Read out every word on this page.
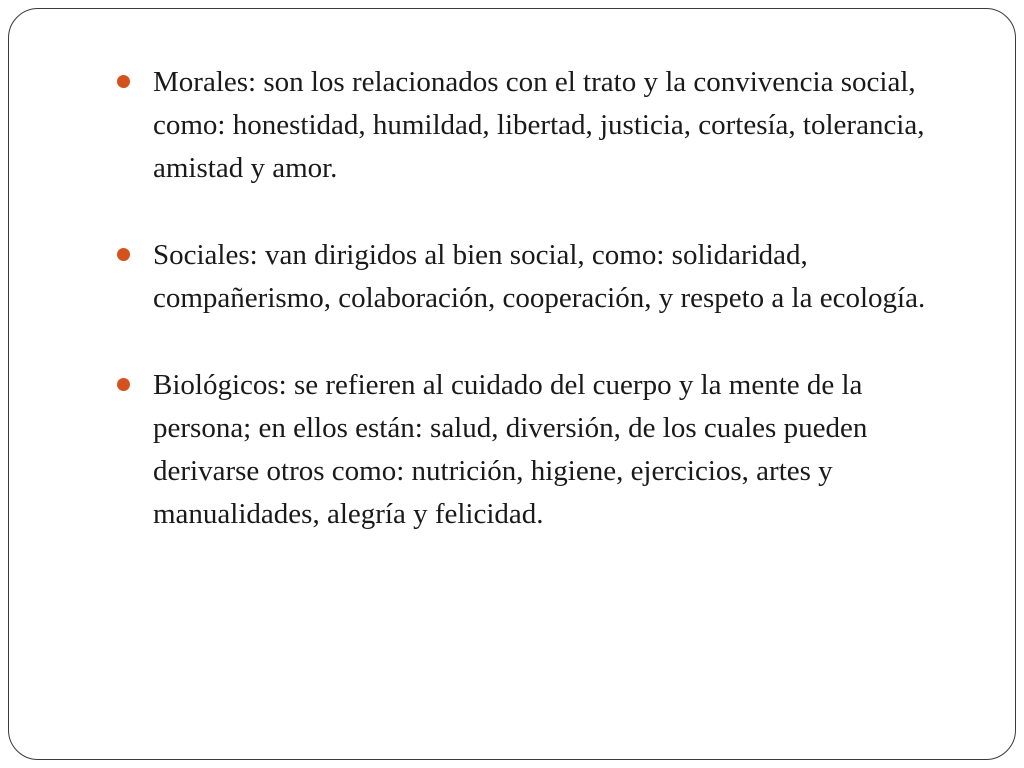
Morales: son los relacionados con el trato y la convivencia social, como: honestidad, humildad, libertad, justicia, cortesía, tolerancia, amistad y amor.
Sociales: van dirigidos al bien social, como: solidaridad, compañerismo, colaboración, cooperación, y respeto a la ecología.
Biológicos: se refieren al cuidado del cuerpo y la mente de la persona; en ellos están: salud, diversión, de los cuales pueden derivarse otros como: nutrición, higiene, ejercicios, artes y manualidades, alegría y felicidad.
